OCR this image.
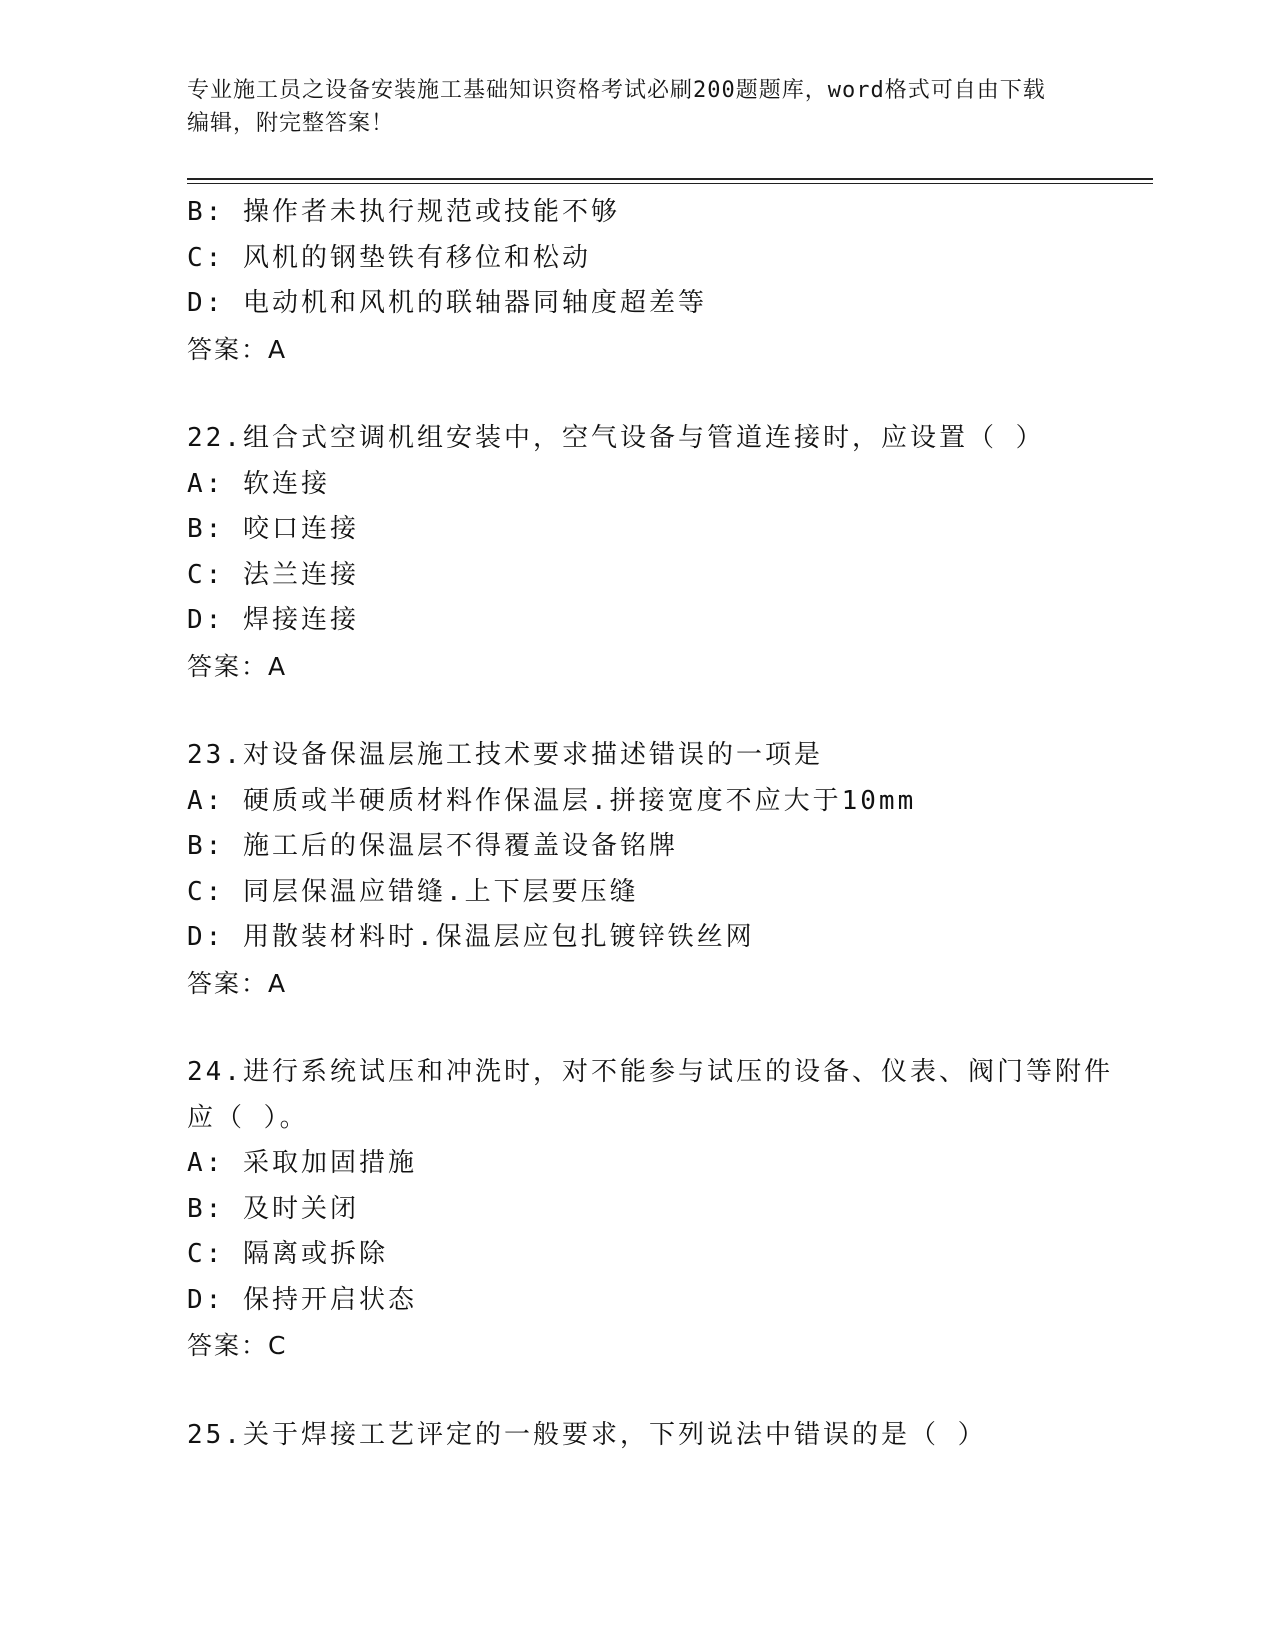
专业施工员之设备安装施工基础知识资格考试必刷200题题库，word格式可自由下载编辑，附完整答案！
B: 操作者未执行规范或技能不够
C: 风机的钢垫铁有移位和松动
D: 电动机和风机的联轴器同轴度超差等
答案：A
22.组合式空调机组安装中，空气设备与管道连接时，应设置（ ）
A: 软连接
B: 咬口连接
C: 法兰连接
D: 焊接连接
答案：A
23.对设备保温层施工技术要求描述错误的一项是
A: 硬质或半硬质材料作保温层.拼接宽度不应大于10mm
B: 施工后的保温层不得覆盖设备铭牌
C: 同层保温应错缝.上下层要压缝
D: 用散装材料时.保温层应包扎镀锌铁丝网
答案：A
24.进行系统试压和冲洗时，对不能参与试压的设备、仪表、阀门等附件应（ ）。
A: 采取加固措施
B: 及时关闭
C: 隔离或拆除
D: 保持开启状态
答案：C
25.关于焊接工艺评定的一般要求，下列说法中错误的是（ ）
